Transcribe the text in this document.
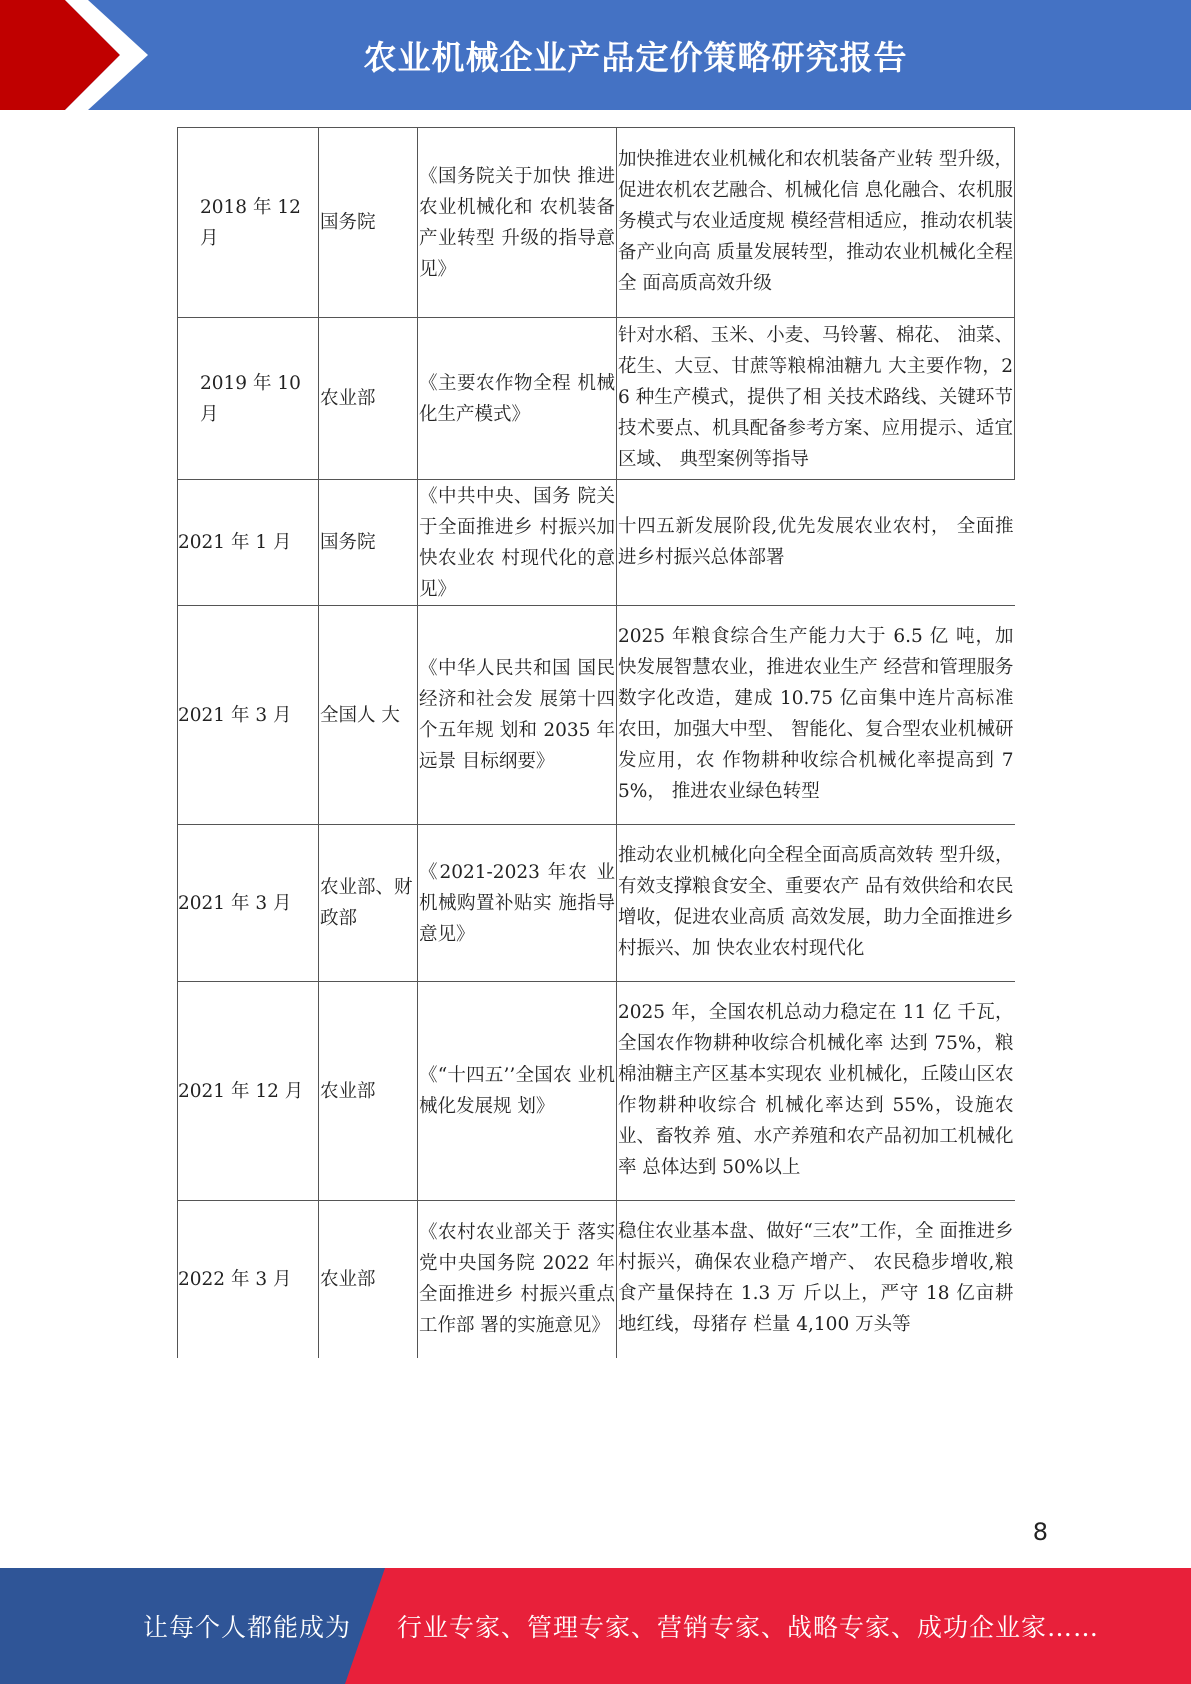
农业机械企业产品定价策略研究报告
2018 年 12 月	国务院	《国务院关于加快 推进农业机械化和 农机装备产业转型 升级的指导意见》	加快推进农业机械化和农机装备产业转 型升级，促进农机农艺融合、机械化信 息化融合、农机服务模式与农业适度规 模经营相适应，推动农机装备产业向高 质量发展转型，推动农业机械化全程全 面高质高效升级
2019 年 10 月	农业部	《主要农作物全程 机械化生产模式》	针对水稻、玉米、小麦、马铃薯、棉花、 油菜、花生、大豆、甘蔗等粮棉油糖九 大主要作物，26 种生产模式，提供了相 关技术路线、关键环节技术要点、机具配备参考方案、应用提示、适宜区域、 典型案例等指导
2021 年 1 月	国务院	《中共中央、国务 院关于全面推进乡 村振兴加快农业农 村现代化的意见》	十四五新发展阶段,优先发展农业农村， 全面推进乡村振兴总体部署
2021 年 3 月	全国人 大	《中华人民共和国 国民经济和社会发 展第十四个五年规 划和 2035 年远景 目标纲要》	2025 年粮食综合生产能力大于 6.5 亿 吨，加快发展智慧农业，推进农业生产 经营和管理服务数字化改造，建成 10.75 亿亩集中连片高标准农田，加强大中型、 智能化、复合型农业机械研发应用，农 作物耕种收综合机械化率提高到 75%， 推进农业绿色转型
2021 年 3 月	农业部、财政部	《2021-2023 年农 业机械购置补贴实 施指导意见》	推动农业机械化向全程全面高质高效转 型升级，有效支撑粮食安全、重要农产 品有效供给和农民增收，促进农业高质 高效发展，助力全面推进乡村振兴、加 快农业农村现代化
2021 年 12 月	农业部	《“十四五’’全国农 业机械化发展规 划》	2025 年，全国农机总动力稳定在 11 亿 千瓦，全国农作物耕种收综合机械化率 达到 75%，粮棉油糖主产区基本实现农 业机械化，丘陵山区农作物耕种收综合 机械化率达到 55%，设施农业、畜牧养 殖、水产养殖和农产品初加工机械化率 总体达到 50%以上
2022 年 3 月	农业部	《农村农业部关于 落实党中央国务院 2022 年全面推进乡 村振兴重点工作部 署的实施意见》	稳住农业基本盘、做好“三农”工作，全 面推进乡村振兴，确保农业稳产增产、 农民稳步增收,粮食产量保持在 1.3 万 斤以上，严守 18 亿亩耕地红线，母猪存 栏量 4,100 万头等
8
让每个人都能成为 行业专家、管理专家、营销专家、战略专家、成功企业家……
